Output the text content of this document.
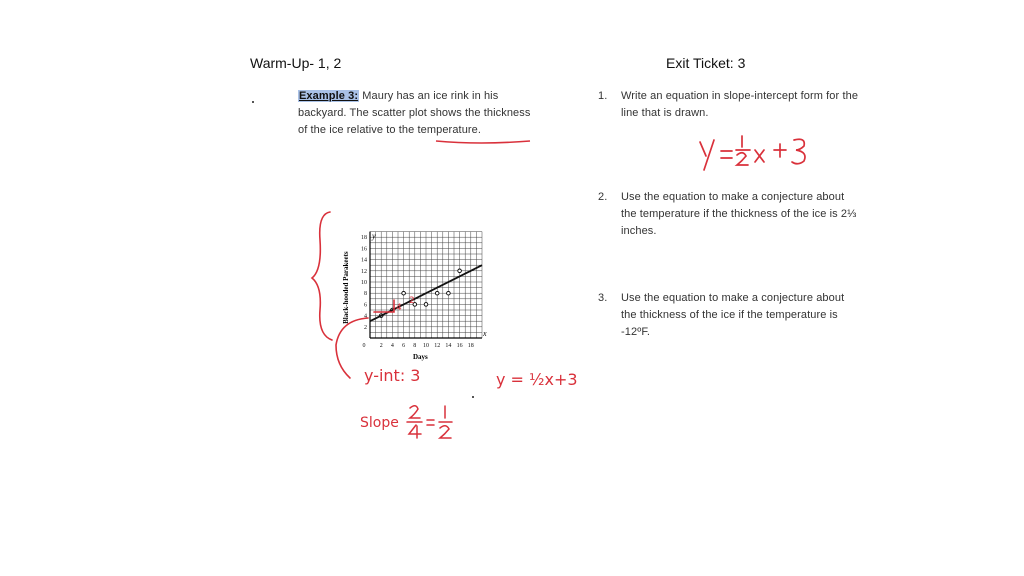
Warm-Up- 1, 2	Exit Ticket: 3
Example 3: Maury has an ice rink in his
backyard. The scatter plot shows the thickness
of the ice relative to the temperature.
1. Write an equation in slope-intercept form for the
line that is drawn.
2. Use the equation to make a conjecture about
the temperature if the thickness of the ice is 2⅓
inches.
3. Use the equation to make a conjecture about
the thickness of the ice if the temperature is
-12ºF.
0 2 4 6 8 10 12 14 16 18
2
4
6
8
10
12
14
16
18
Days
Black-hooded Parakeets
x
y
4
2
y-int: 3	y = ½x+3
Slope
